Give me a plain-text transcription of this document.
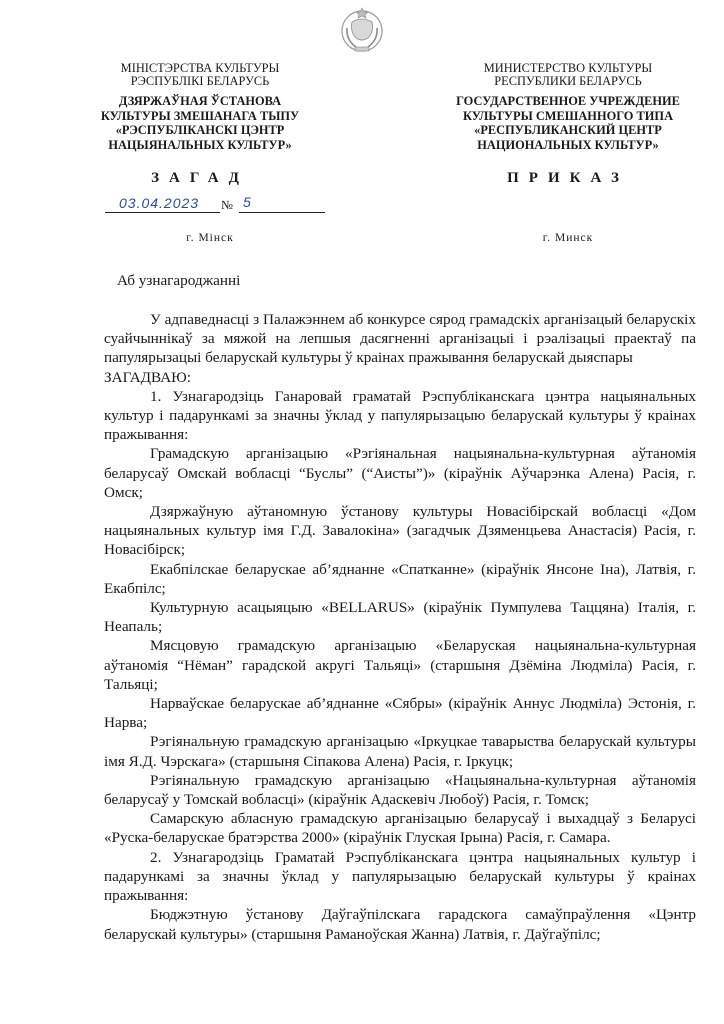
МІНІСТЭРСТВА КУЛЬТУРЫ
РЭСПУБЛІКІ БЕЛАРУСЬ
ДЗЯРЖАЎНАЯ ЎСТАНОВА
КУЛЬТУРЫ ЗМЕШАНАГА ТЫПУ
«РЭСПУБЛІКАНСКІ ЦЭНТР
НАЦЫЯНАЛЬНЫХ КУЛЬТУР»
ЗАГАД
03.04.2023 № 5
г. Мінск
МИНИСТЕРСТВО КУЛЬТУРЫ
РЕСПУБЛИКИ БЕЛАРУСЬ
ГОСУДАРСТВЕННОЕ УЧРЕЖДЕНИЕ
КУЛЬТУРЫ СМЕШАННОГО ТИПА
«РЕСПУБЛИКАНСКИЙ ЦЕНТР
НАЦИОНАЛЬНЫХ КУЛЬТУР»
ПРИКАЗ
г. Минск
Аб узнагароджанні

У адпаведнасці з Палажэннем аб конкурсе сярод грамадскіх арганізацый беларускіх суайчыннікаў за мяжой на лепшыя дасягненні арганізацыі і рэалізацыі праектаў па папулярызацыі беларускай культуры ў краінах пражывання беларускай дыяспары

ЗАГАДВАЮ:

1. Узнагародзіць Ганаровай граматай Рэспубліканскага цэнтра нацыянальных культур і падарункамі за значны ўклад у папулярызацыю беларускай культуры ў краінах пражывання:

Грамадскую арганізацыю «Рэгіянальная нацыянальна-культурная аўтаномія беларусаў Омскай вобласці “Буслы” (“Аисты”)» (кіраўнік Аўчарэнка Алена) Расія, г. Омск;

Дзяржаўную аўтаномную ўстанову культуры Новасібірскай вобласці «Дом нацыянальных культур імя Г.Д. Завалокіна» (загадчык Дзяменцьева Анастасія) Расія, г. Новасібірск;

Екабпілскае беларускае аб’яднанне «Спатканне» (кіраўнік Янсоне Іна), Латвія, г. Екабпілс;

Культурную асацыяцыю «BELLARUS» (кіраўнік Пумпулева Таццяна) Італія, г. Неапаль;

Мясцовую грамадскую арганізацыю «Беларуская нацыянальна-культурная аўтаномія “Нёман” гарадской акругі Тальяці» (старшыня Дзёміна Людміла) Расія, г. Тальяці;

Нарваўскае беларускае аб’яднанне «Сябры» (кіраўнік Аннус Людміла) Эстонія, г. Нарва;

Рэгіянальную грамадскую арганізацыю «Іркуцкае таварыства беларускай культуры імя Я.Д. Чэрскага» (старшыня Сіпакова Алена) Расія, г. Іркуцк;

Рэгіянальную грамадскую арганізацыю «Нацыянальна-культурная аўтаномія беларусаў у Томскай вобласці» (кіраўнік Адаскевіч Любоў) Расія, г. Томск;

Самарскую абласную грамадскую арганізацыю беларусаў і выхадцаў з Беларусі «Руска-беларускае братэрства 2000» (кіраўнік Глуская Ірына) Расія, г. Самара.

2. Узнагародзіць Граматай Рэспубліканскага цэнтра нацыянальных культур і падарункамі за значны ўклад у папулярызацыю беларускай культуры ў краінах пражывання:

Бюджэтную ўстанову Даўгаўпілскага гарадскога самаўпраўлення «Цэнтр беларускай культуры» (старшыня Раманоўская Жанна) Латвія, г. Даўгаўпілс;
